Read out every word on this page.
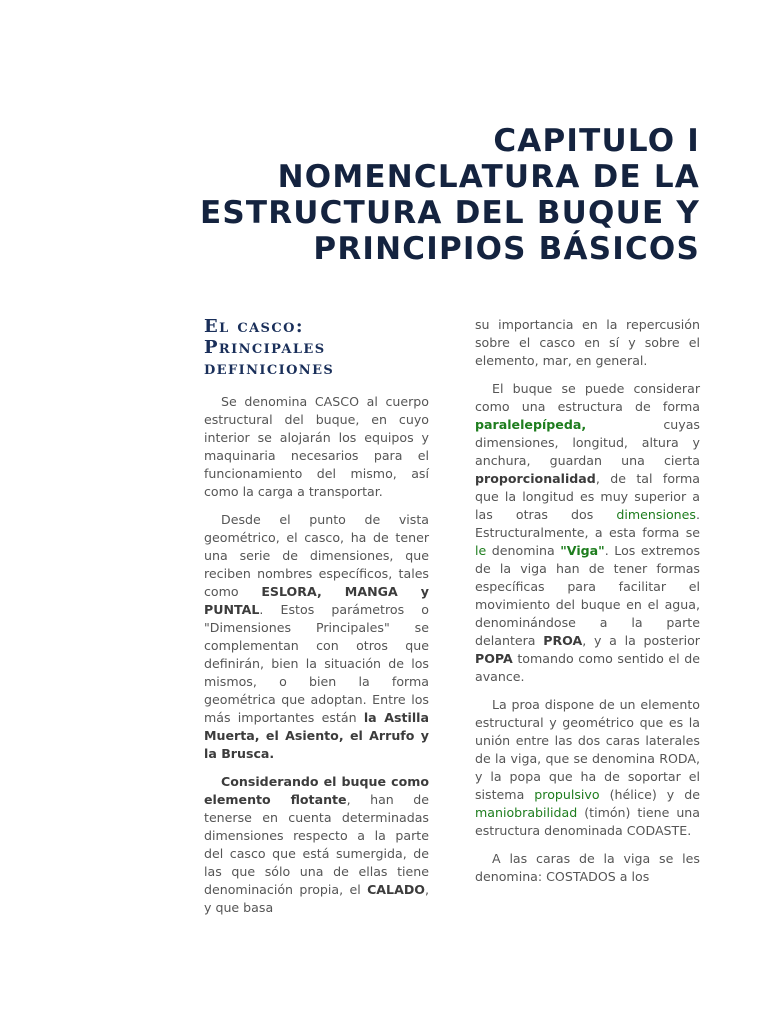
CAPITULO I
NOMENCLATURA DE LA
ESTRUCTURA DEL BUQUE Y
PRINCIPIOS BÁSICOS
El casco:
Principales
definiciones

Se denomina CASCO al cuerpo estructural del buque, en cuyo interior se alojarán los equipos y maquinaria necesarios para el funcionamiento del mismo, así como la carga a transportar.

Desde el punto de vista geométrico, el casco, ha de tener una serie de dimensiones, que reciben nombres específicos, tales como ESLORA, MANGA y PUNTAL. Estos parámetros o "Dimensiones Principales" se complementan con otros que definirán, bien la situación de los mismos, o bien la forma geométrica que adoptan. Entre los más importantes están la Astilla Muerta, el Asiento, el Arrufo y la Brusca.

Considerando el buque como elemento flotante, han de tenerse en cuenta determinadas dimensiones respecto a la parte del casco que está sumergida, de las que sólo una de ellas tiene denominación propia, el CALADO, y que basa

su importancia en la repercusión sobre el casco en sí y sobre el elemento, mar, en general.

El buque se puede considerar como una estructura de forma paralelepípeda, cuyas dimensiones, longitud, altura y anchura, guardan una cierta proporcionalidad, de tal forma que la longitud es muy superior a las otras dos dimensiones. Estructuralmente, a esta forma se le denomina "Viga". Los extremos de la viga han de tener formas específicas para facilitar el movimiento del buque en el agua, denominándose a la parte delantera PROA, y a la posterior POPA tomando como sentido el de avance.

La proa dispone de un elemento estructural y geométrico que es la unión entre las dos caras laterales de la viga, que se denomina RODA, y la popa que ha de soportar el sistema propulsivo (hélice) y de maniobrabilidad (timón) tiene una estructura denominada CODASTE.

A las caras de la viga se les denomina: COSTADOS a los
